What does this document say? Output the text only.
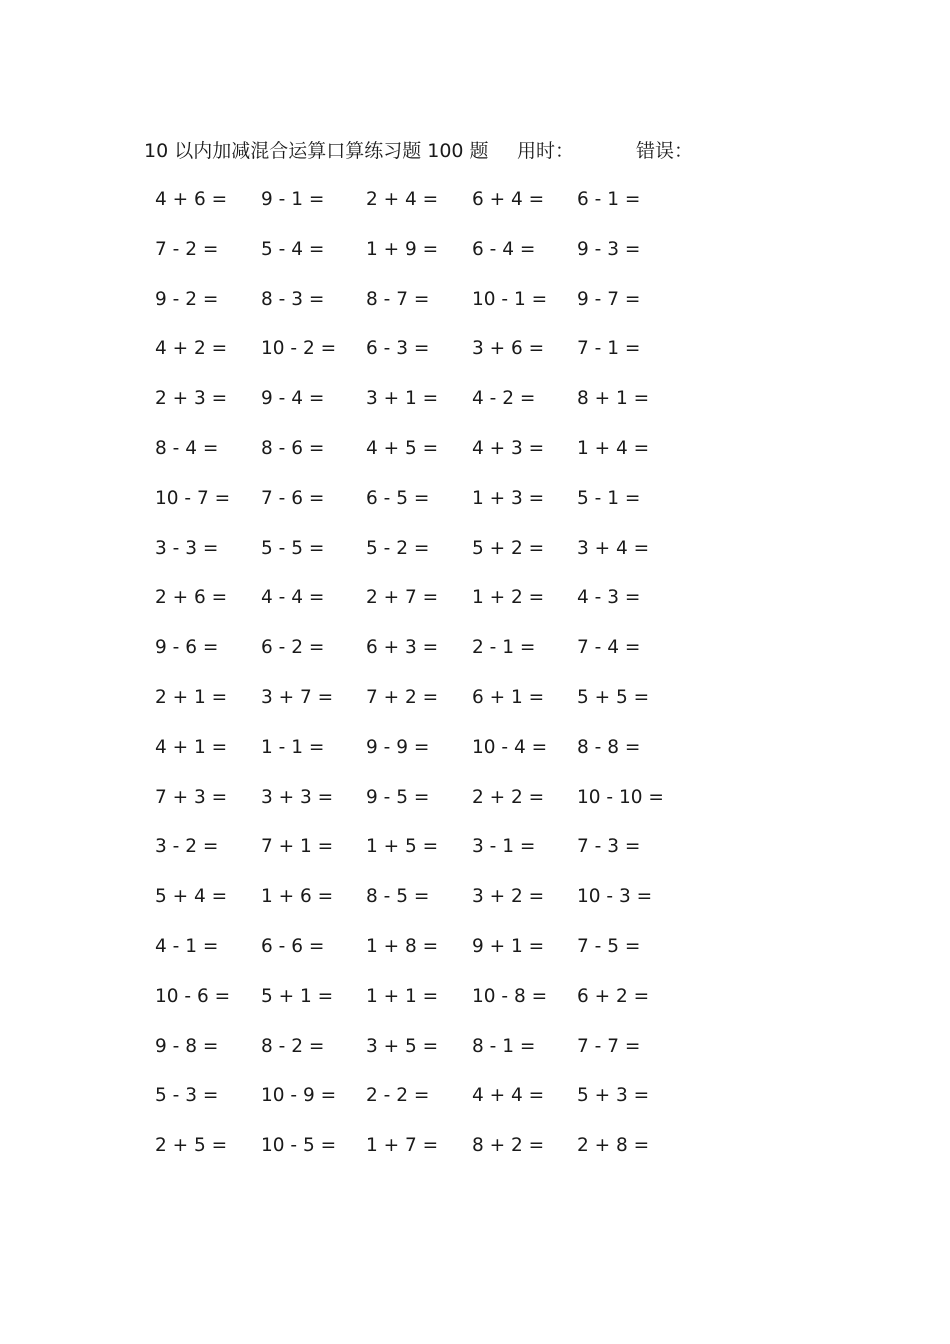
10 以内加减混合运算口算练习题 100 题 用时：	错误：
4 + 6 = 9 - 1 = 2 + 4 = 6 + 4 = 6 - 1 =
7 - 2 = 5 - 4 = 1 + 9 = 6 - 4 = 9 - 3 =
9 - 2 = 8 - 3 = 8 - 7 = 10 - 1 = 9 - 7 =
4 + 2 = 10 - 2 = 6 - 3 = 3 + 6 = 7 - 1 =
2 + 3 = 9 - 4 = 3 + 1 = 4 - 2 = 8 + 1 =
8 - 4 = 8 - 6 = 4 + 5 = 4 + 3 = 1 + 4 =
10 - 7 = 7 - 6 = 6 - 5 = 1 + 3 = 5 - 1 =
3 - 3 = 5 - 5 = 5 - 2 = 5 + 2 = 3 + 4 =
2 + 6 = 4 - 4 = 2 + 7 = 1 + 2 = 4 - 3 =
9 - 6 = 6 - 2 = 6 + 3 = 2 - 1 = 7 - 4 =
2 + 1 = 3 + 7 = 7 + 2 = 6 + 1 = 5 + 5 =
4 + 1 = 1 - 1 = 9 - 9 = 10 - 4 = 8 - 8 =
7 + 3 = 3 + 3 = 9 - 5 = 2 + 2 = 10 - 10 =
3 - 2 = 7 + 1 = 1 + 5 = 3 - 1 = 7 - 3 =
5 + 4 = 1 + 6 = 8 - 5 = 3 + 2 = 10 - 3 =
4 - 1 = 6 - 6 = 1 + 8 = 9 + 1 = 7 - 5 =
10 - 6 = 5 + 1 = 1 + 1 = 10 - 8 = 6 + 2 =
9 - 8 = 8 - 2 = 3 + 5 = 8 - 1 = 7 - 7 =
5 - 3 = 10 - 9 = 2 - 2 = 4 + 4 = 5 + 3 =
2 + 5 = 10 - 5 = 1 + 7 = 8 + 2 = 2 + 8 =
